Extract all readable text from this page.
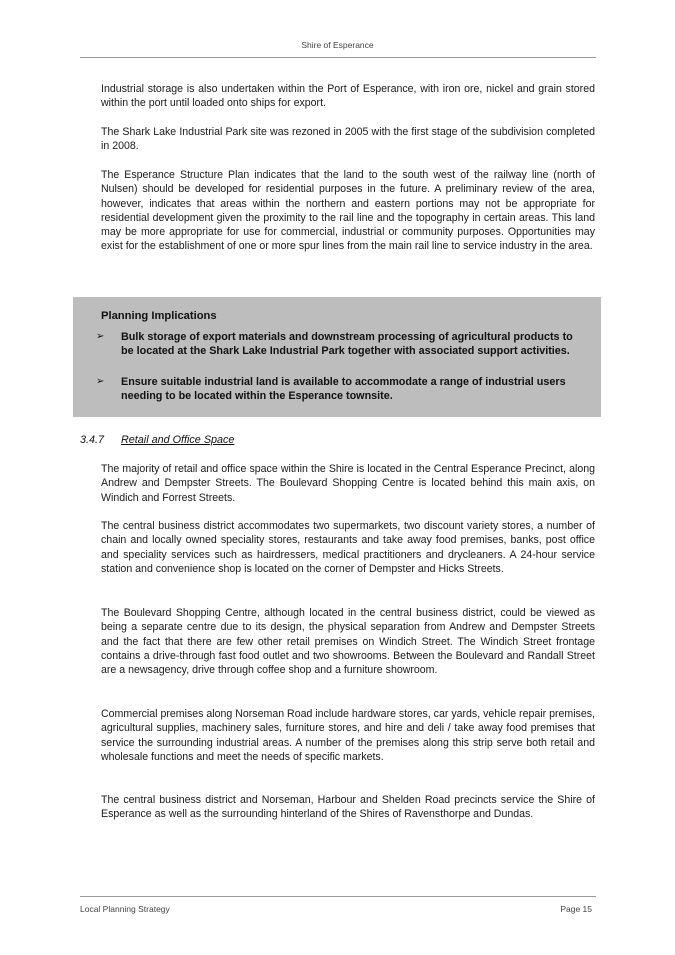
Shire of Esperance

Industrial storage is also undertaken within the Port of Esperance, with iron ore, nickel and grain stored within the port until loaded onto ships for export.

The Shark Lake Industrial Park site was rezoned in 2005 with the first stage of the subdivision completed in 2008.

The Esperance Structure Plan indicates that the land to the south west of the railway line (north of Nulsen) should be developed for residential purposes in the future. A preliminary review of the area, however, indicates that areas within the northern and eastern portions may not be appropriate for residential development given the proximity to the rail line and the topography in certain areas. This land may be more appropriate for use for commercial, industrial or community purposes. Opportunities may exist for the establishment of one or more spur lines from the main rail line to service industry in the area.

Planning Implications
➢ Bulk storage of export materials and downstream processing of agricultural products to be located at the Shark Lake Industrial Park together with associated support activities.
➢ Ensure suitable industrial land is available to accommodate a range of industrial users needing to be located within the Esperance townsite.
3.4.7 Retail and Office Space

The majority of retail and office space within the Shire is located in the Central Esperance Precinct, along Andrew and Dempster Streets. The Boulevard Shopping Centre is located behind this main axis, on Windich and Forrest Streets.

The central business district accommodates two supermarkets, two discount variety stores, a number of chain and locally owned speciality stores, restaurants and take away food premises, banks, post office and speciality services such as hairdressers, medical practitioners and drycleaners. A 24-hour service station and convenience shop is located on the corner of Dempster and Hicks Streets.

The Boulevard Shopping Centre, although located in the central business district, could be viewed as being a separate centre due to its design, the physical separation from Andrew and Dempster Streets and the fact that there are few other retail premises on Windich Street. The Windich Street frontage contains a drive-through fast food outlet and two showrooms. Between the Boulevard and Randall Street are a newsagency, drive through coffee shop and a furniture showroom.

Commercial premises along Norseman Road include hardware stores, car yards, vehicle repair premises, agricultural supplies, machinery sales, furniture stores, and hire and deli / take away food premises that service the surrounding industrial areas. A number of the premises along this strip serve both retail and wholesale functions and meet the needs of specific markets.

The central business district and Norseman, Harbour and Shelden Road precincts service the Shire of Esperance as well as the surrounding hinterland of the Shires of Ravensthorpe and Dundas.

Local Planning Strategy	Page 15
